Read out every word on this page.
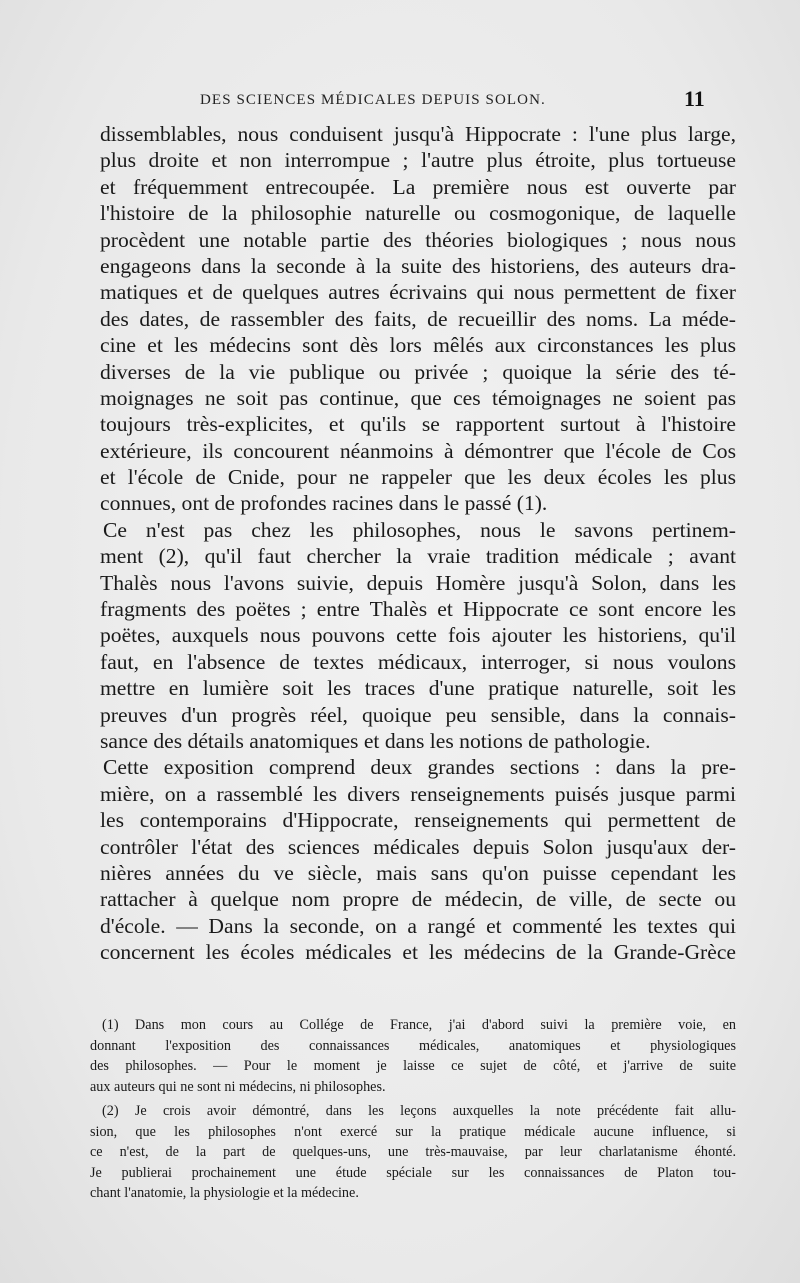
DES SCIENCES MÉDICALES DEPUIS SOLON.	11
dissemblables, nous conduisent jusqu'à Hippocrate : l'une plus large,
plus droite et non interrompue ; l'autre plus étroite, plus tortueuse
et fréquemment entrecoupée. La première nous est ouverte par
l'histoire de la philosophie naturelle ou cosmogonique, de laquelle
procèdent une notable partie des théories biologiques ; nous nous
engageons dans la seconde à la suite des historiens, des auteurs dra-
matiques et de quelques autres écrivains qui nous permettent de fixer
des dates, de rassembler des faits, de recueillir des noms. La méde-
cine et les médecins sont dès lors mêlés aux circonstances les plus
diverses de la vie publique ou privée ; quoique la série des té-
moignages ne soit pas continue, que ces témoignages ne soient pas
toujours très-explicites, et qu'ils se rapportent surtout à l'histoire
extérieure, ils concourent néanmoins à démontrer que l'école de Cos
et l'école de Cnide, pour ne rappeler que les deux écoles les plus
connues, ont de profondes racines dans le passé (1).
Ce n'est pas chez les philosophes, nous le savons pertinem-
ment (2), qu'il faut chercher la vraie tradition médicale ; avant
Thalès nous l'avons suivie, depuis Homère jusqu'à Solon, dans les
fragments des poëtes ; entre Thalès et Hippocrate ce sont encore les
poëtes, auxquels nous pouvons cette fois ajouter les historiens, qu'il
faut, en l'absence de textes médicaux, interroger, si nous voulons
mettre en lumière soit les traces d'une pratique naturelle, soit les
preuves d'un progrès réel, quoique peu sensible, dans la connais-
sance des détails anatomiques et dans les notions de pathologie.
Cette exposition comprend deux grandes sections : dans la pre-
mière, on a rassemblé les divers renseignements puisés jusque parmi
les contemporains d'Hippocrate, renseignements qui permettent de
contrôler l'état des sciences médicales depuis Solon jusqu'aux der-
nières années du ve siècle, mais sans qu'on puisse cependant les
rattacher à quelque nom propre de médecin, de ville, de secte ou
d'école. — Dans la seconde, on a rangé et commenté les textes qui
concernent les écoles médicales et les médecins de la Grande-Grèce
(1) Dans mon cours au Collége de France, j'ai d'abord suivi la première voie, en
donnant l'exposition des connaissances médicales, anatomiques et physiologiques
des philosophes. — Pour le moment je laisse ce sujet de côté, et j'arrive de suite
aux auteurs qui ne sont ni médecins, ni philosophes.
(2) Je crois avoir démontré, dans les leçons auxquelles la note précédente fait allu-
sion, que les philosophes n'ont exercé sur la pratique médicale aucune influence, si
ce n'est, de la part de quelques-uns, une très-mauvaise, par leur charlatanisme éhonté.
Je publierai prochainement une étude spéciale sur les connaissances de Platon tou-
chant l'anatomie, la physiologie et la médecine.
